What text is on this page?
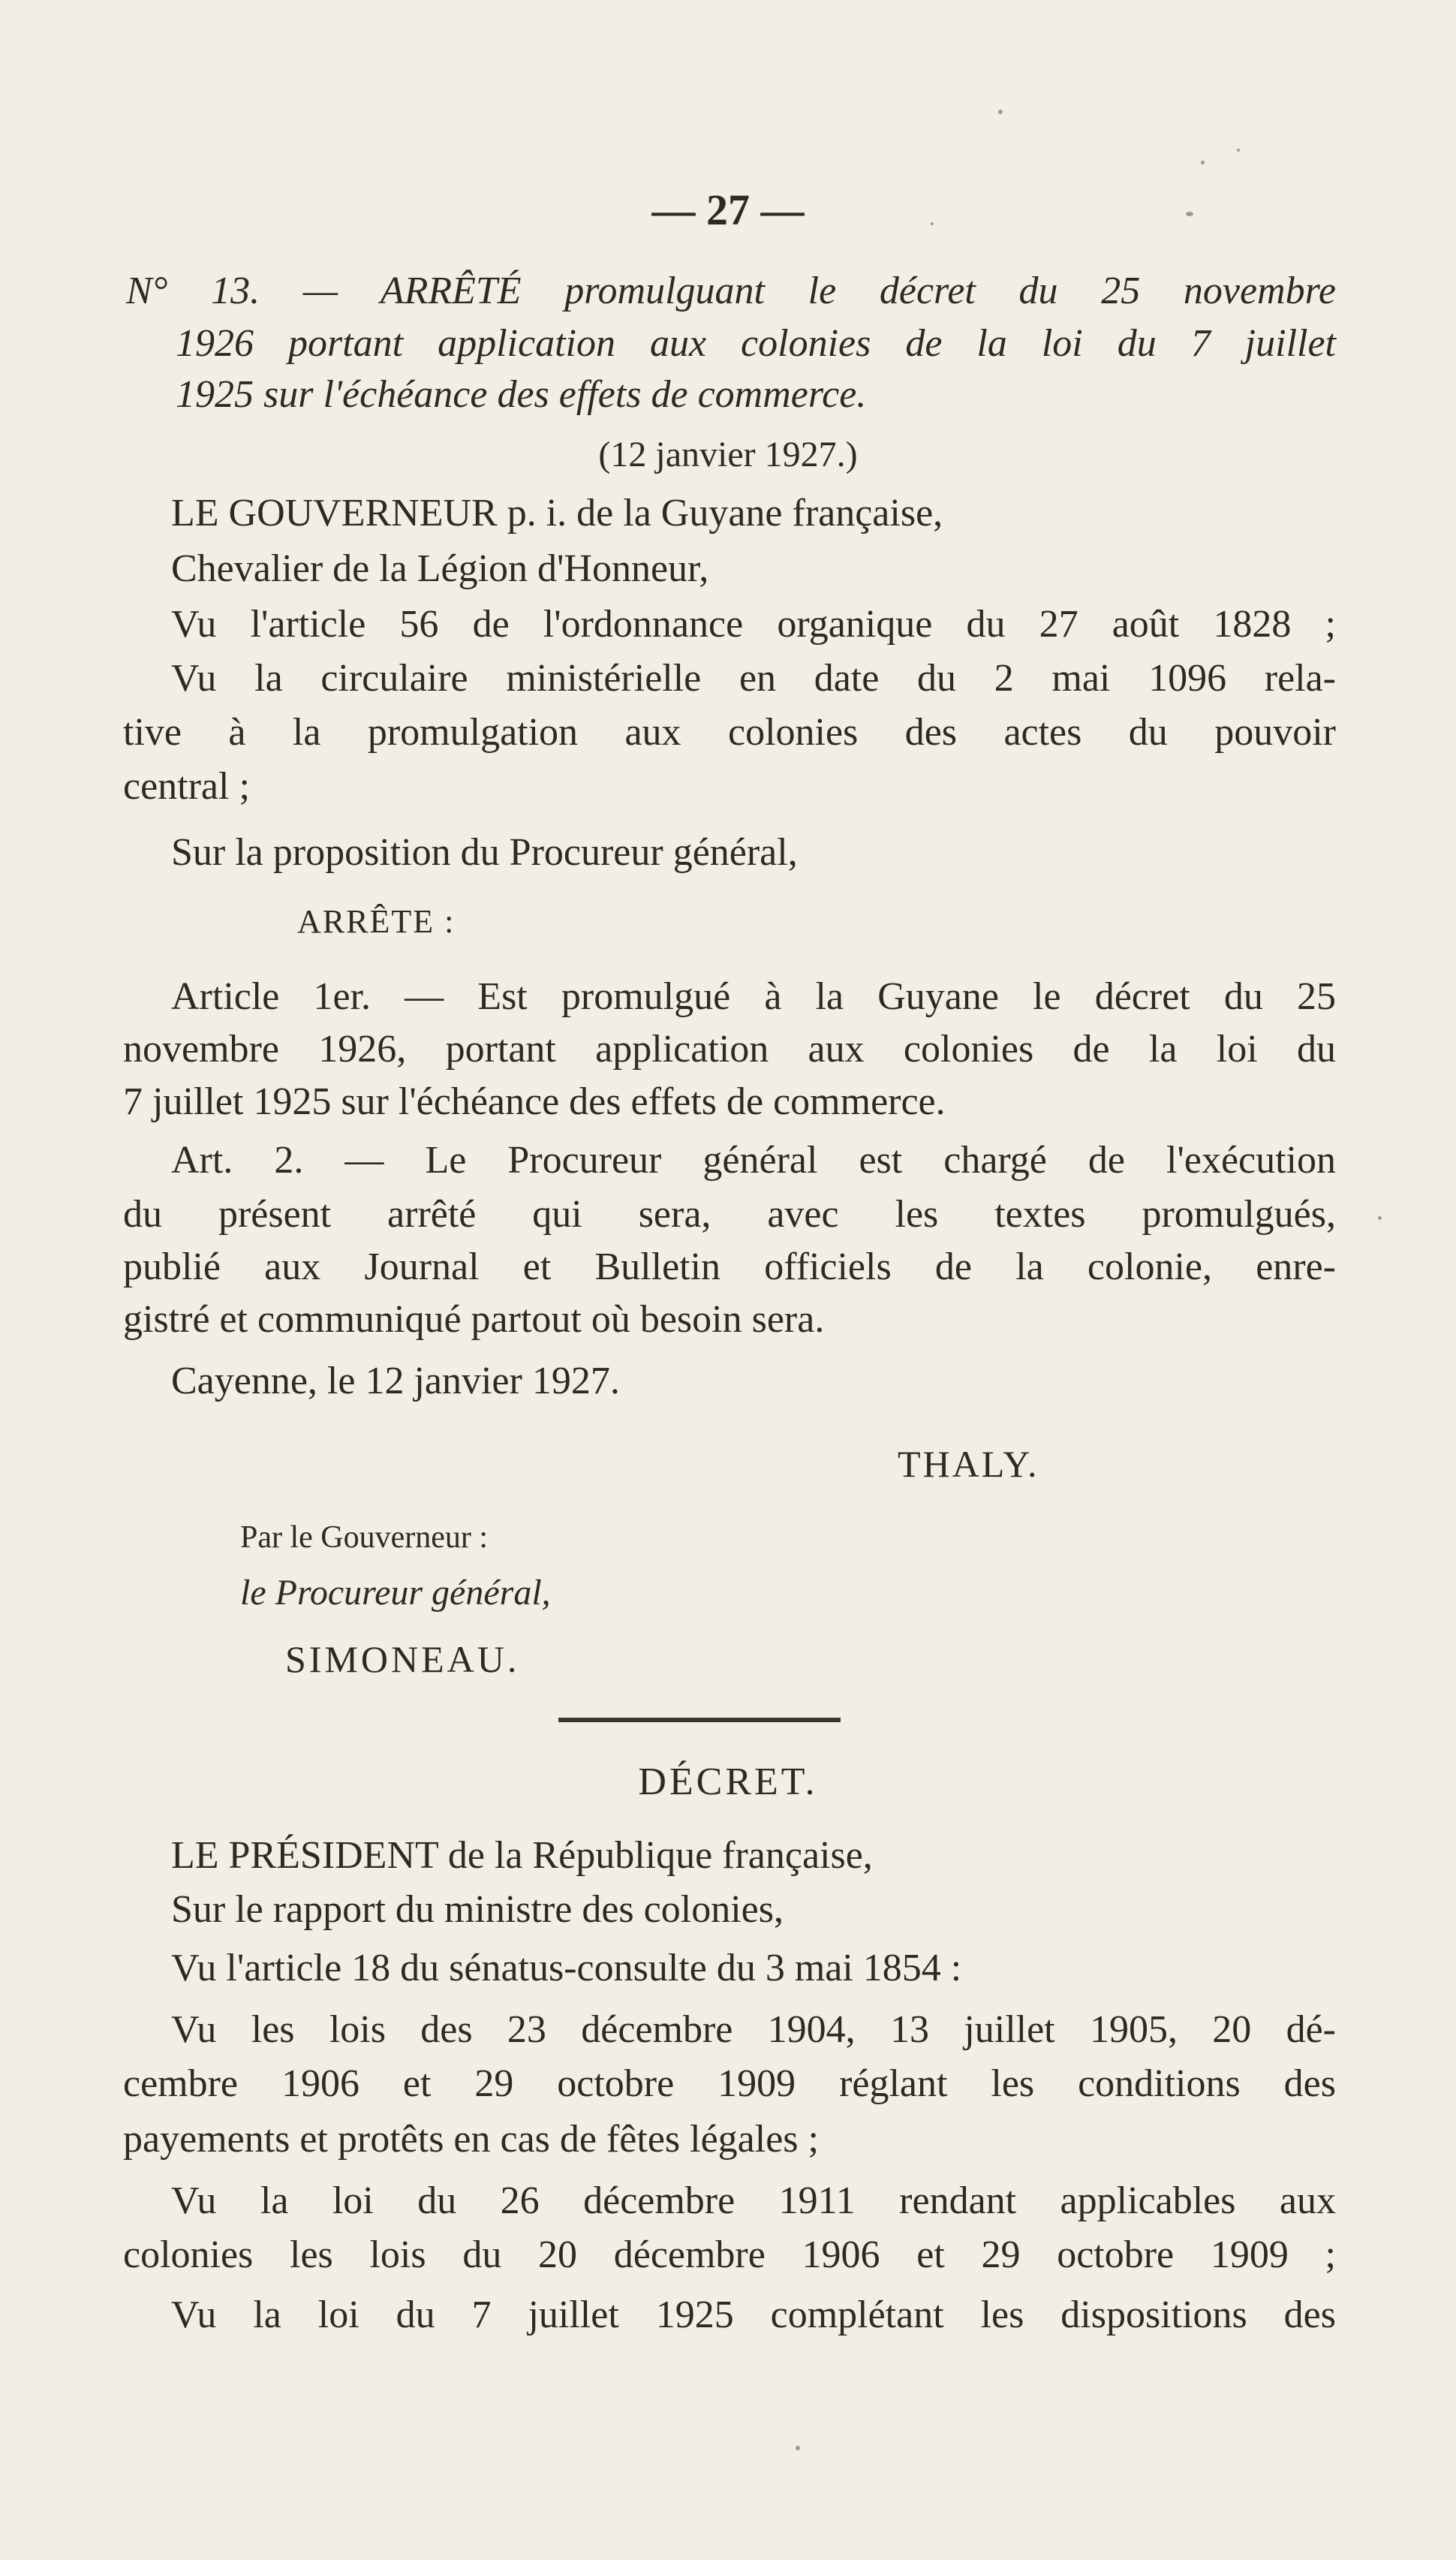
— 27 —
N° 13. — ARRÊTÉ promulguant le décret du 25 novembre
1926 portant application aux colonies de la loi du 7 juillet
1925 sur l'échéance des effets de commerce.
(12 janvier 1927.)
LE GOUVERNEUR p. i. de la Guyane française,
Chevalier de la Légion d'Honneur,
Vu l'article 56 de l'ordonnance organique du 27 août 1828 ;
Vu la circulaire ministérielle en date du 2 mai 1096 rela-
tive à la promulgation aux colonies des actes du pouvoir
central ;
Sur la proposition du Procureur général,
ARRÊTE :
Article 1er. — Est promulgué à la Guyane le décret du 25
novembre 1926, portant application aux colonies de la loi du
7 juillet 1925 sur l'échéance des effets de commerce.
Art. 2. — Le Procureur général est chargé de l'exécution
du présent arrêté qui sera, avec les textes promulgués,
publié aux Journal et Bulletin officiels de la colonie, enre-
gistré et communiqué partout où besoin sera.
Cayenne, le 12 janvier 1927.
THALY.
Par le Gouverneur :
le Procureur général,
SIMONEAU.
DÉCRET.
LE PRÉSIDENT de la République française,
Sur le rapport du ministre des colonies,
Vu l'article 18 du sénatus-consulte du 3 mai 1854 :
Vu les lois des 23 décembre 1904, 13 juillet 1905, 20 dé-
cembre 1906 et 29 octobre 1909 réglant les conditions des
payements et protêts en cas de fêtes légales ;
Vu la loi du 26 décembre 1911 rendant applicables aux
colonies les lois du 20 décembre 1906 et 29 octobre 1909 ;
Vu la loi du 7 juillet 1925 complétant les dispositions des
